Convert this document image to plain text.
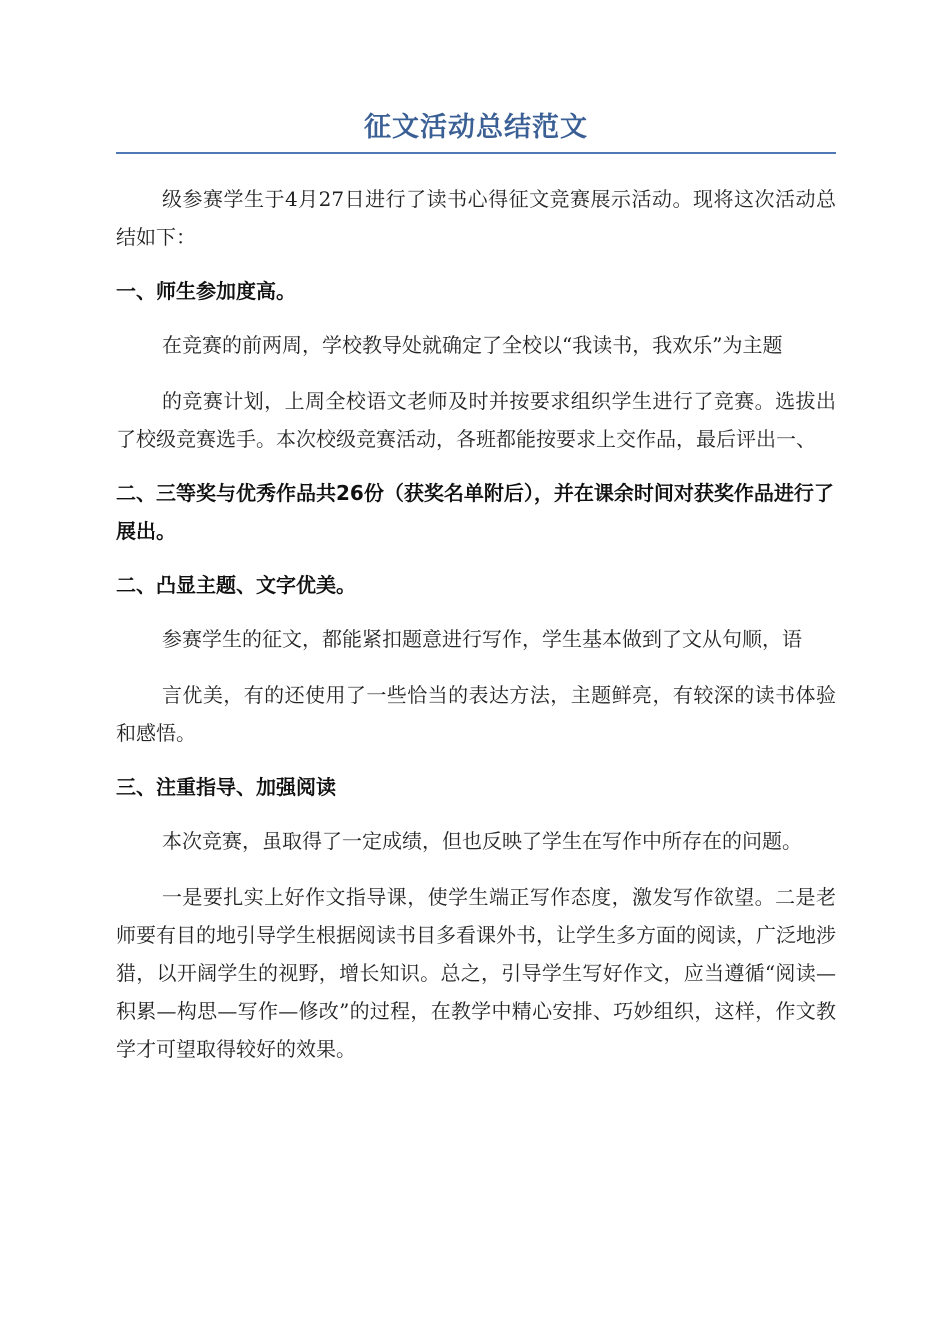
征文活动总结范文

级参赛学生于4月27日进行了读书心得征文竞赛展示活动。现将这次活动总结如下：

一、师生参加度高。

在竞赛的前两周，学校教导处就确定了全校以“我读书，我欢乐”为主题

的竞赛计划，上周全校语文老师及时并按要求组织学生进行了竞赛。选拔出了校级竞赛选手。本次校级竞赛活动，各班都能按要求上交作品，最后评出一、

二、三等奖与优秀作品共26份（获奖名单附后），并在课余时间对获奖作品进行了展出。

二、凸显主题、文字优美。

参赛学生的征文，都能紧扣题意进行写作，学生基本做到了文从句顺，语

言优美，有的还使用了一些恰当的表达方法，主题鲜亮，有较深的读书体验和感悟。

三、注重指导、加强阅读

本次竞赛，虽取得了一定成绩，但也反映了学生在写作中所存在的问题。

一是要扎实上好作文指导课，使学生端正写作态度，激发写作欲望。二是老师要有目的地引导学生根据阅读书目多看课外书，让学生多方面的阅读，广泛地涉猎，以开阔学生的视野，增长知识。总之，引导学生写好作文，应当遵循“阅读—积累—构思—写作—修改”的过程，在教学中精心安排、巧妙组织，这样，作文教学才可望取得较好的效果。
